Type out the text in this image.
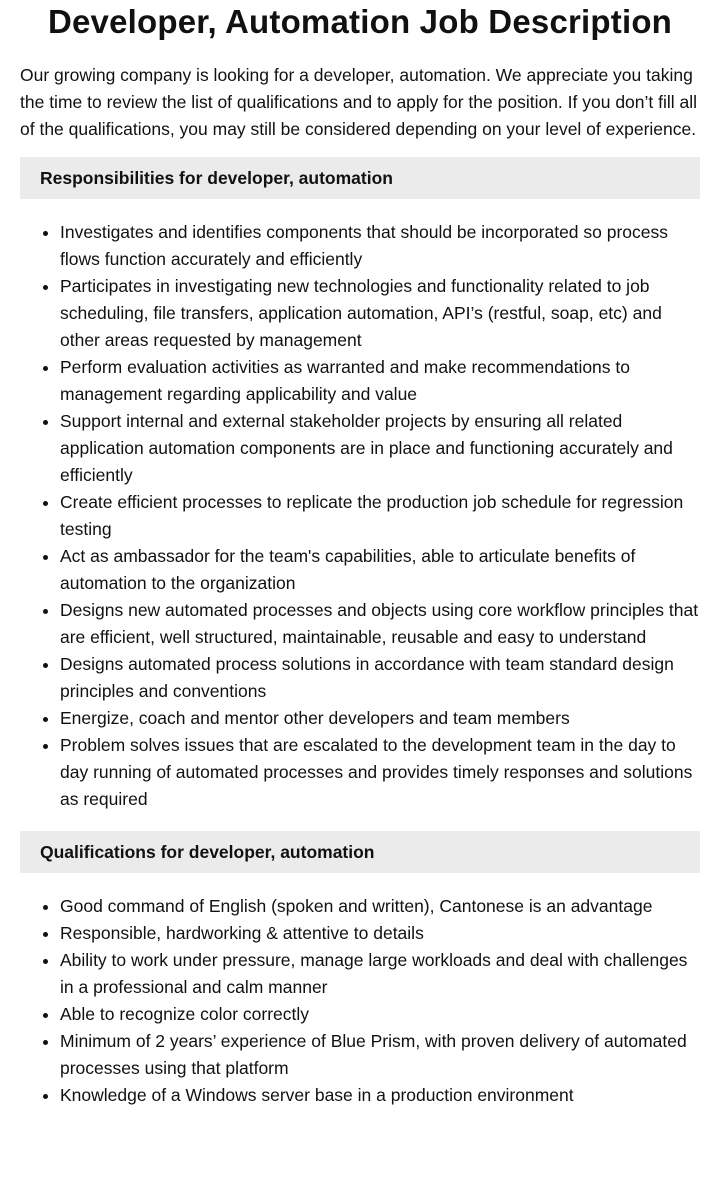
Developer, Automation Job Description

Our growing company is looking for a developer, automation. We appreciate you taking the time to review the list of qualifications and to apply for the position. If you don’t fill all of the qualifications, you may still be considered depending on your level of experience.

Responsibilities for developer, automation
• Investigates and identifies components that should be incorporated so process flows function accurately and efficiently
• Participates in investigating new technologies and functionality related to job scheduling, file transfers, application automation, API’s (restful, soap, etc) and other areas requested by management
• Perform evaluation activities as warranted and make recommendations to management regarding applicability and value
• Support internal and external stakeholder projects by ensuring all related application automation components are in place and functioning accurately and efficiently
• Create efficient processes to replicate the production job schedule for regression testing
• Act as ambassador for the team's capabilities, able to articulate benefits of automation to the organization
• Designs new automated processes and objects using core workflow principles that are efficient, well structured, maintainable, reusable and easy to understand
• Designs automated process solutions in accordance with team standard design principles and conventions
• Energize, coach and mentor other developers and team members
• Problem solves issues that are escalated to the development team in the day to day running of automated processes and provides timely responses and solutions as required
Qualifications for developer, automation
• Good command of English (spoken and written), Cantonese is an advantage
• Responsible, hardworking & attentive to details
• Ability to work under pressure, manage large workloads and deal with challenges in a professional and calm manner
• Able to recognize color correctly
• Minimum of 2 years’ experience of Blue Prism, with proven delivery of automated processes using that platform
• Knowledge of a Windows server base in a production environment
